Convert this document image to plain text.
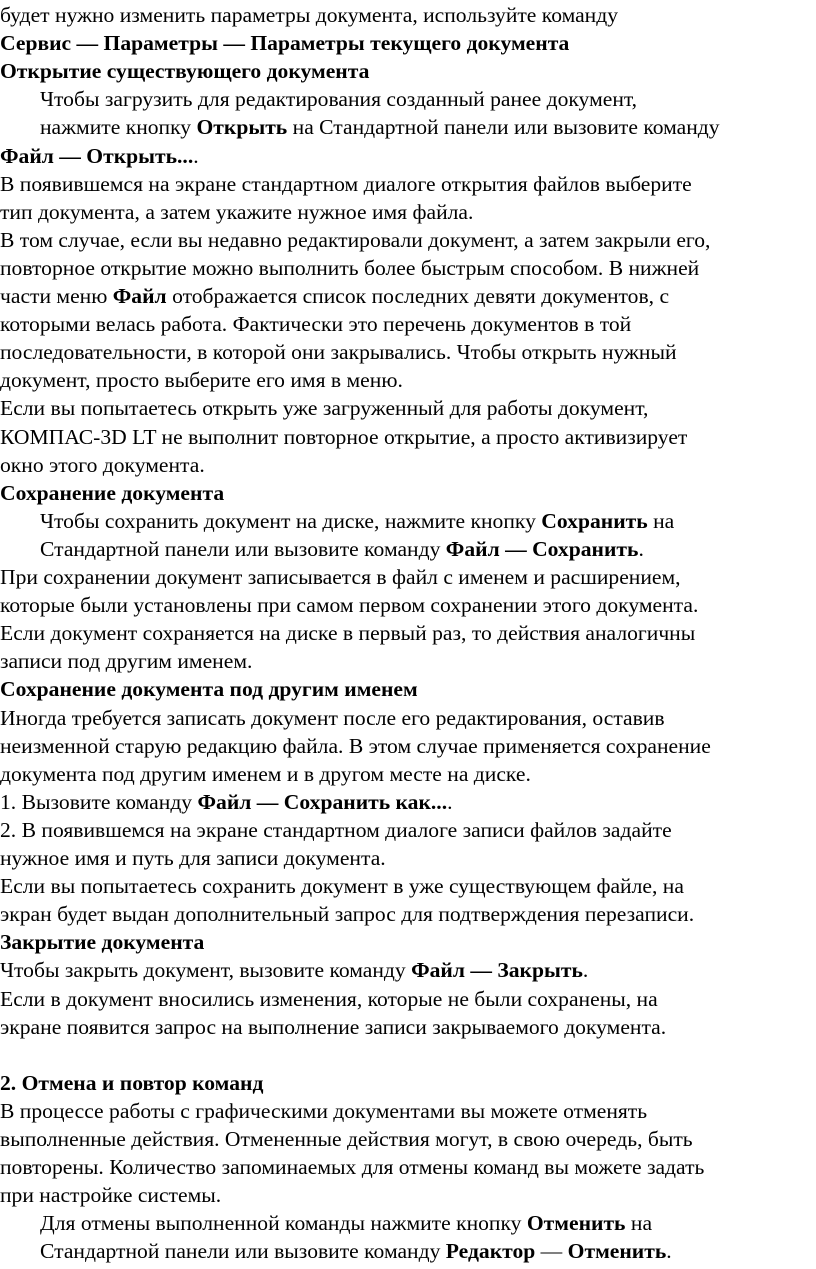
будет нужно изменить параметры документа, используйте команду
Сервис — Параметры — Параметры текущего документа
Открытие существующего документа
Чтобы загрузить для редактирования созданный ранее документ,
нажмите кнопку Открыть на Стандартной панели или вызовите команду
Файл — Открыть....
В появившемся на экране стандартном диалоге открытия файлов выберите
тип документа, а затем укажите нужное имя файла.
В том случае, если вы недавно редактировали документ, а затем закрыли его,
повторное открытие можно выполнить более быстрым способом. В нижней
части меню Файл отображается список последних девяти документов, с
которыми велась работа. Фактически это перечень документов в той
последовательности, в которой они закрывались. Чтобы открыть нужный
документ, просто выберите его имя в меню.
Если вы попытаетесь открыть уже загруженный для работы документ,
КОМПАС-3D LT не выполнит повторное открытие, а просто активизирует
окно этого документа.
Сохранение документа
Чтобы сохранить документ на диске, нажмите кнопку Сохранить на
Стандартной панели или вызовите команду Файл — Сохранить.
При сохранении документ записывается в файл с именем и расширением,
которые были установлены при самом первом сохранении этого документа.
Если документ сохраняется на диске в первый раз, то действия аналогичны
записи под другим именем.
Сохранение документа под другим именем
Иногда требуется записать документ после его редактирования, оставив
неизменной старую редакцию файла. В этом случае применяется сохранение
документа под другим именем и в другом месте на диске.
1. Вызовите команду Файл — Сохранить как....
2. В появившемся на экране стандартном диалоге записи файлов задайте
нужное имя и путь для записи документа.
Если вы попытаетесь сохранить документ в уже существующем файле, на
экран будет выдан дополнительный запрос для подтверждения перезаписи.
Закрытие документа
Чтобы закрыть документ, вызовите команду Файл — Закрыть.
Если в документ вносились изменения, которые не были сохранены, на
экране появится запрос на выполнение записи закрываемого документа.
2. Отмена и повтор команд
В процессе работы с графическими документами вы можете отменять
выполненные действия. Отмененные действия могут, в свою очередь, быть
повторены. Количество запоминаемых для отмены команд вы можете задать
при настройке системы.
Для отмены выполненной команды нажмите кнопку Отменить на
Стандартной панели или вызовите команду Редактор — Отменить.
